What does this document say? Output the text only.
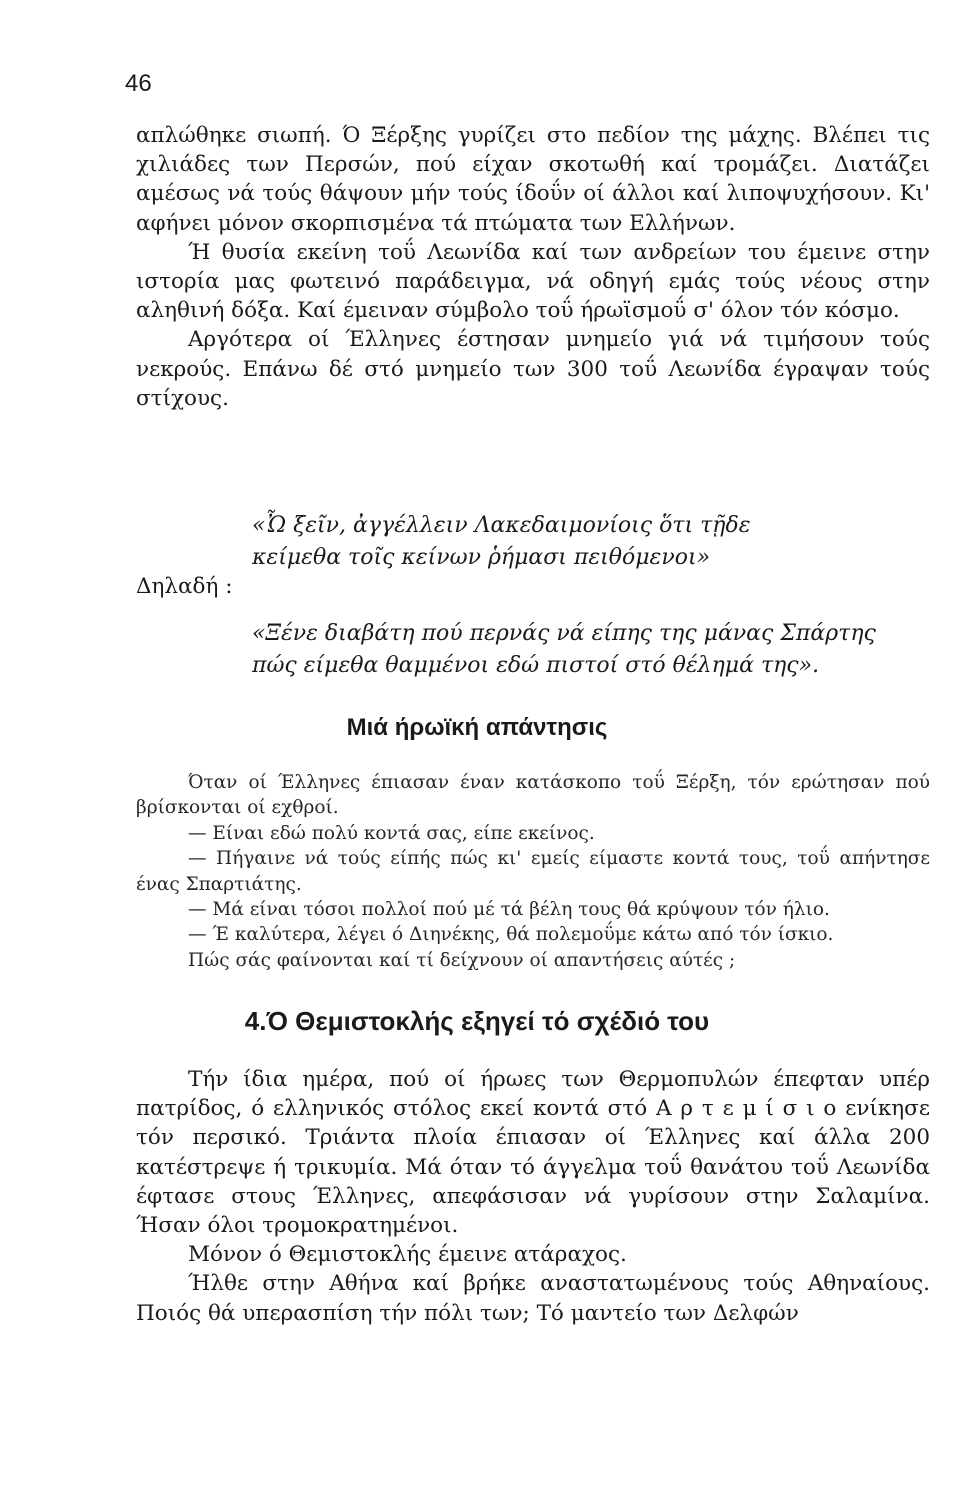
46

απλώθηκε σιωπή. Ό Ξέρξης γυρίζει στο πεδίον της μάχης. Βλέπει τις χιλιάδες των Περσών, πού είχαν σκοτωθή καί τρομάζει. Διατάζει αμέσως νά τούς θάψουν μήν τούς ίδοΰν οί άλλοι καί λιποψυχήσουν. Κι' αφήνει μόνον σκορπισμένα τά πτώματα των Ελλήνων.

Ή θυσία εκείνη τοΰ Λεωνίδα καί των ανδρείων του έμεινε στην ιστορία μας φωτεινό παράδειγμα, νά οδηγή εμάς τούς νέους στην αληθινή δόξα. Καί έμειναν σύμβολο τοΰ ήρωϊσμοΰ σ' όλον τόν κόσμο.

Αργότερα οί Έλληνες έστησαν μνημείο γιά νά τιμήσουν τούς νεκρούς. Επάνω δέ στό μνημείο των 300 τοΰ Λεωνίδα έγραψαν τούς στίχους.

«Ὦ ξεῖν, ἀγγέλλειν Λακεδαιμονίοις ὅτι τῇδε
κείμεθα τοῖς κείνων ῥήμασι πειθόμενοι»
Δηλαδή :
«Ξένε διαβάτη πού περνάς νά είπης της μάνας Σπάρτης
πώς είμεθα θαμμένοι εδώ πιστοί στό θέλημά της».
Μιά ήρωϊκή απάντησις

Όταν οί Έλληνες έπιασαν έναν κατάσκοπο τοΰ Ξέρξη, τόν ερώτησαν πού βρίσκονται οί εχθροί.

— Είναι εδώ πολύ κοντά σας, είπε εκείνος.

— Πήγαινε νά τούς είπής πώς κι' εμείς είμαστε κοντά τους, τοΰ απήντησε ένας Σπαρτιάτης.

— Μά είναι τόσοι πολλοί πού μέ τά βέλη τους θά κρύψουν τόν ήλιο.

— Έ καλύτερα, λέγει ό Διηνέκης, θά πολεμοΰμε κάτω από τόν ίσκιο.

Πώς σάς φαίνονται καί τί δείχνουν οί απαντήσεις αύτές ;

4.Ό Θεμιστοκλής εξηγεί τό σχέδιό του

Τήν ίδια ημέρα, πού οί ήρωες των Θερμοπυλών έπεφταν υπέρ πατρίδος, ό ελληνικός στόλος εκεί κοντά στό Α ρ τ ε μ ί σ ι ο ενίκησε τόν περσικό. Τριάντα πλοία έπιασαν οί Έλληνες καί άλλα 200 κατέστρεψε ή τρικυμία. Μά όταν τό άγγελμα τοΰ θανάτου τοΰ Λεωνίδα έφτασε στους Έλληνες, απεφάσισαν νά γυρίσουν στην Σαλαμίνα. Ήσαν όλοι τρομοκρατημένοι.

Μόνον ό Θεμιστοκλής έμεινε ατάραχος.

Ήλθε στην Αθήνα καί βρήκε αναστατωμένους τούς Αθηναίους. Ποιός θά υπερασπίση τήν πόλι των; Τό μαντείο των Δελφών
